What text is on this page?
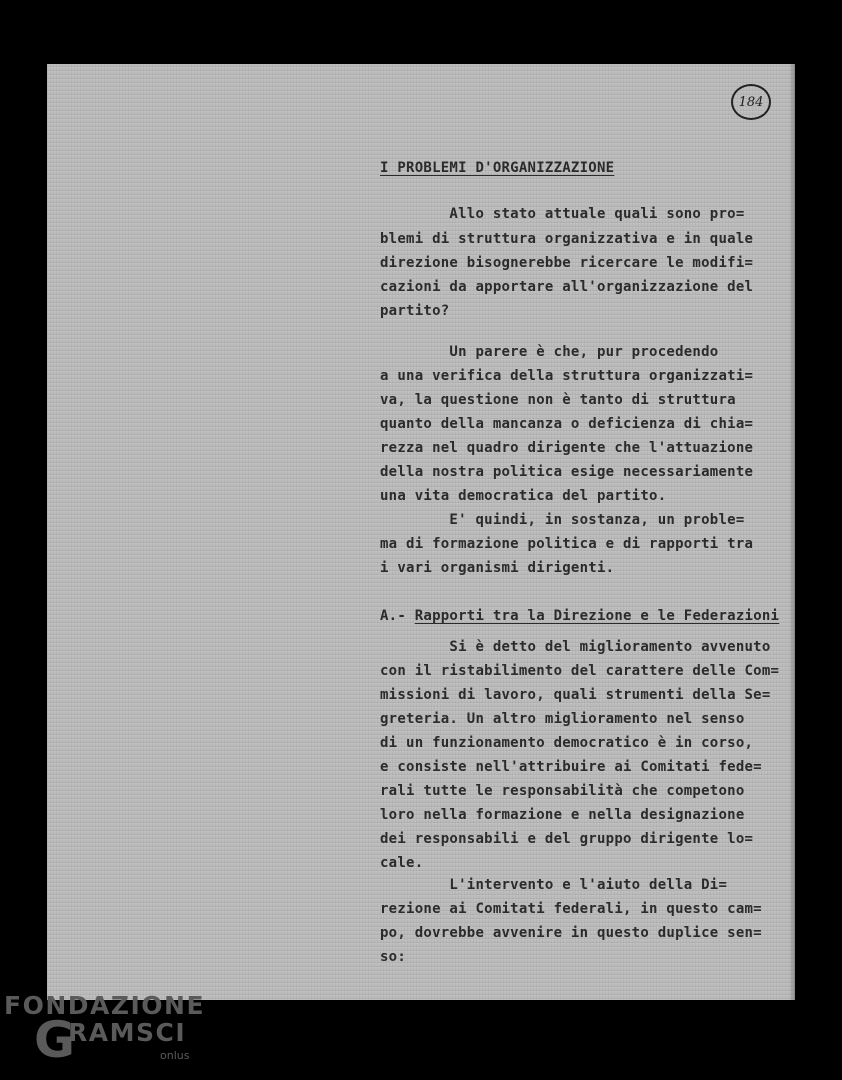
184
I PROBLEMI D'ORGANIZZAZIONE
Allo stato attuale quali sono pro=
blemi di struttura organizzativa e in quale
direzione bisognerebbe ricercare le modifi=
cazioni da apportare all'organizzazione del
partito?
Un parere è che, pur procedendo
a una verifica della struttura organizzati=
va, la questione non è tanto di struttura
quanto della mancanza o deficienza di chia=
rezza nel quadro dirigente che l'attuazione
della nostra politica esige necessariamente
una vita democratica del partito.
E' quindi, in sostanza, un proble=
ma di formazione politica e di rapporti tra
i vari organismi dirigenti.
A.- Rapporti tra la Direzione e le Federazioni
Si è detto del miglioramento avvenuto
con il ristabilimento del carattere delle Com=
missioni di lavoro, quali strumenti della Se=
greteria. Un altro miglioramento nel senso
di un funzionamento democratico è in corso,
e consiste nell'attribuire ai Comitati fede=
rali tutte le responsabilità che competono
loro nella formazione e nella designazione
dei responsabili e del gruppo dirigente lo=
cale.
L'intervento e l'aiuto della Di=
rezione ai Comitati federali, in questo cam=
po, dovrebbe avvenire in questo duplice sen=
so:
FONDAZIONE
G
RAMSCI
onlus
